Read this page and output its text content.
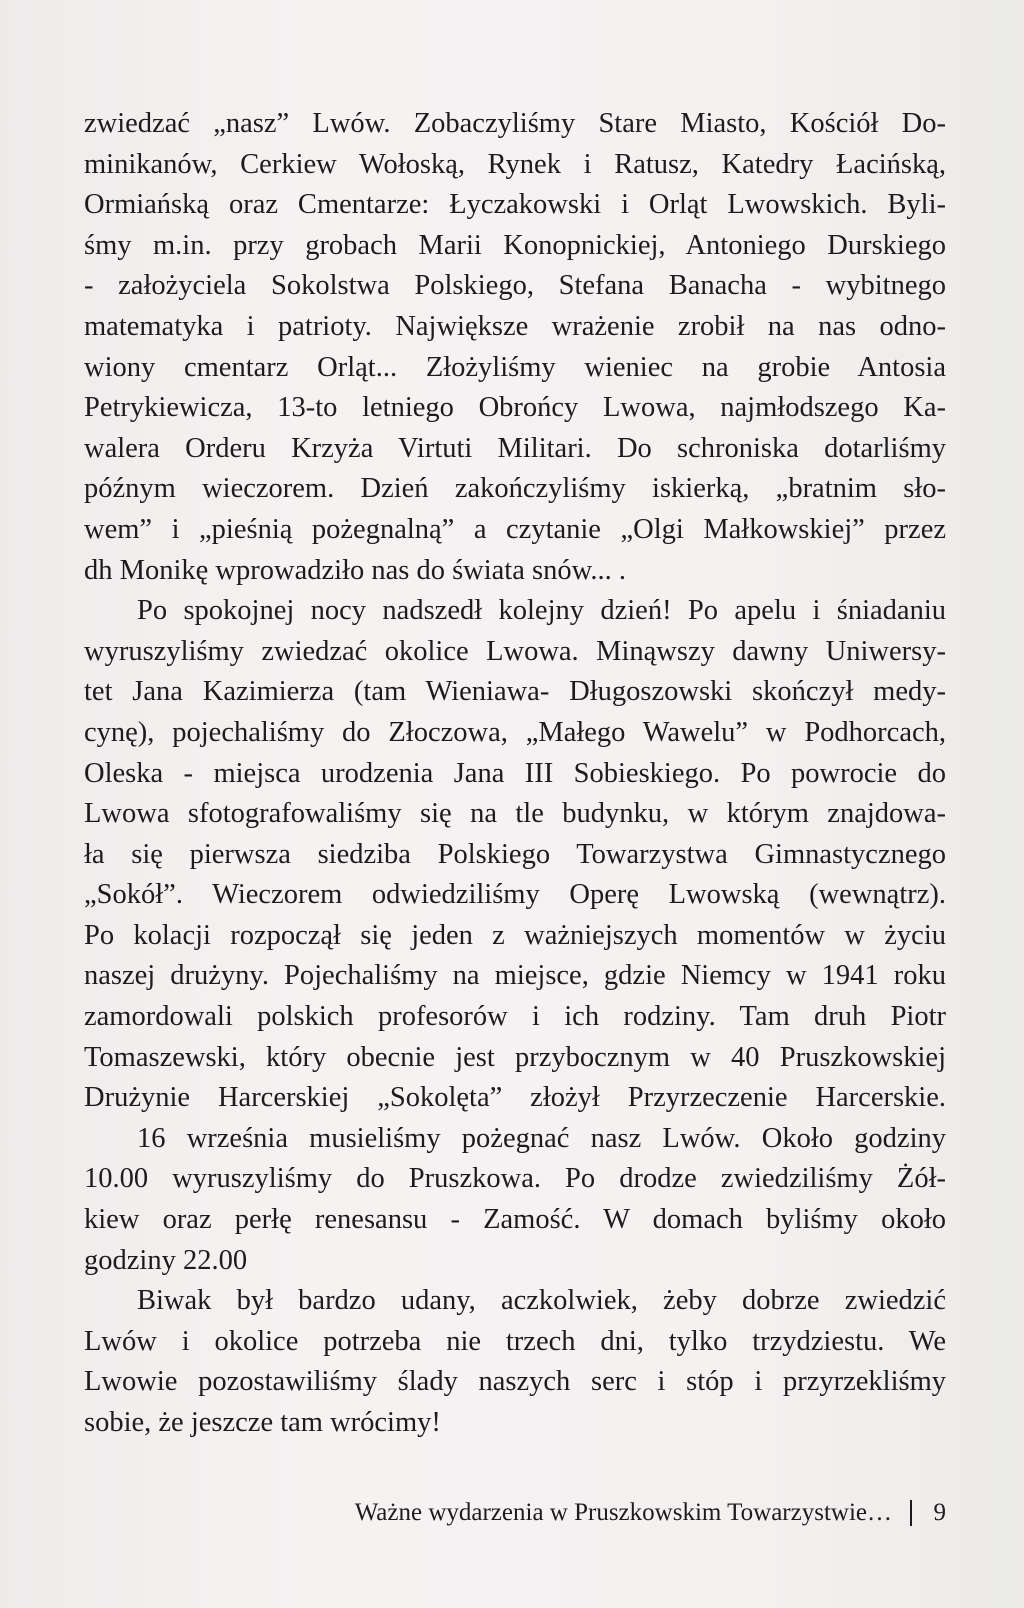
zwiedzać „nasz” Lwów. Zobaczyliśmy Stare Miasto, Kościół Do-
minikanów, Cerkiew Wołoską, Rynek i Ratusz, Katedry Łacińską,
Ormiańską oraz Cmentarze: Łyczakowski i Orląt Lwowskich. Byli-
śmy m.in. przy grobach Marii Konopnickiej, Antoniego Durskiego
- założyciela Sokolstwa Polskiego, Stefana Banacha - wybitnego
matematyka i patrioty. Największe wrażenie zrobił na nas odno-
wiony cmentarz Orląt... Złożyliśmy wieniec na grobie Antosia
Petrykiewicza, 13-to letniego Obrońcy Lwowa, najmłodszego Ka-
walera Orderu Krzyża Virtuti Militari. Do schroniska dotarliśmy
późnym wieczorem. Dzień zakończyliśmy iskierką, „bratnim sło-
wem” i „pieśnią pożegnalną” a czytanie „Olgi Małkowskiej” przez
dh Monikę wprowadziło nas do świata snów... .
Po spokojnej nocy nadszedł kolejny dzień! Po apelu i śniadaniu
wyruszyliśmy zwiedzać okolice Lwowa. Minąwszy dawny Uniwersy-
tet Jana Kazimierza (tam Wieniawa- Długoszowski skończył medy-
cynę), pojechaliśmy do Złoczowa, „Małego Wawelu” w Podhorcach,
Oleska - miejsca urodzenia Jana III Sobieskiego. Po powrocie do
Lwowa sfotografowaliśmy się na tle budynku, w którym znajdowa-
ła się pierwsza siedziba Polskiego Towarzystwa Gimnastycznego
„Sokół”. Wieczorem odwiedziliśmy Operę Lwowską (wewnątrz).
Po kolacji rozpoczął się jeden z ważniejszych momentów w życiu
naszej drużyny. Pojechaliśmy na miejsce, gdzie Niemcy w 1941 roku
zamordowali polskich profesorów i ich rodziny. Tam druh Piotr
Tomaszewski, który obecnie jest przybocznym w 40 Pruszkowskiej
Drużynie Harcerskiej „Sokolęta” złożył Przyrzeczenie Harcerskie.
16 września musieliśmy pożegnać nasz Lwów. Około godziny
10.00 wyruszyliśmy do Pruszkowa. Po drodze zwiedziliśmy Żół-
kiew oraz perłę renesansu - Zamość. W domach byliśmy około
godziny 22.00
Biwak był bardzo udany, aczkolwiek, żeby dobrze zwiedzić
Lwów i okolice potrzeba nie trzech dni, tylko trzydziestu. We
Lwowie pozostawiliśmy ślady naszych serc i stóp i przyrzekliśmy
sobie, że jeszcze tam wrócimy!
Ważne wydarzenia w Pruszkowskim Towarzystwie… 9
